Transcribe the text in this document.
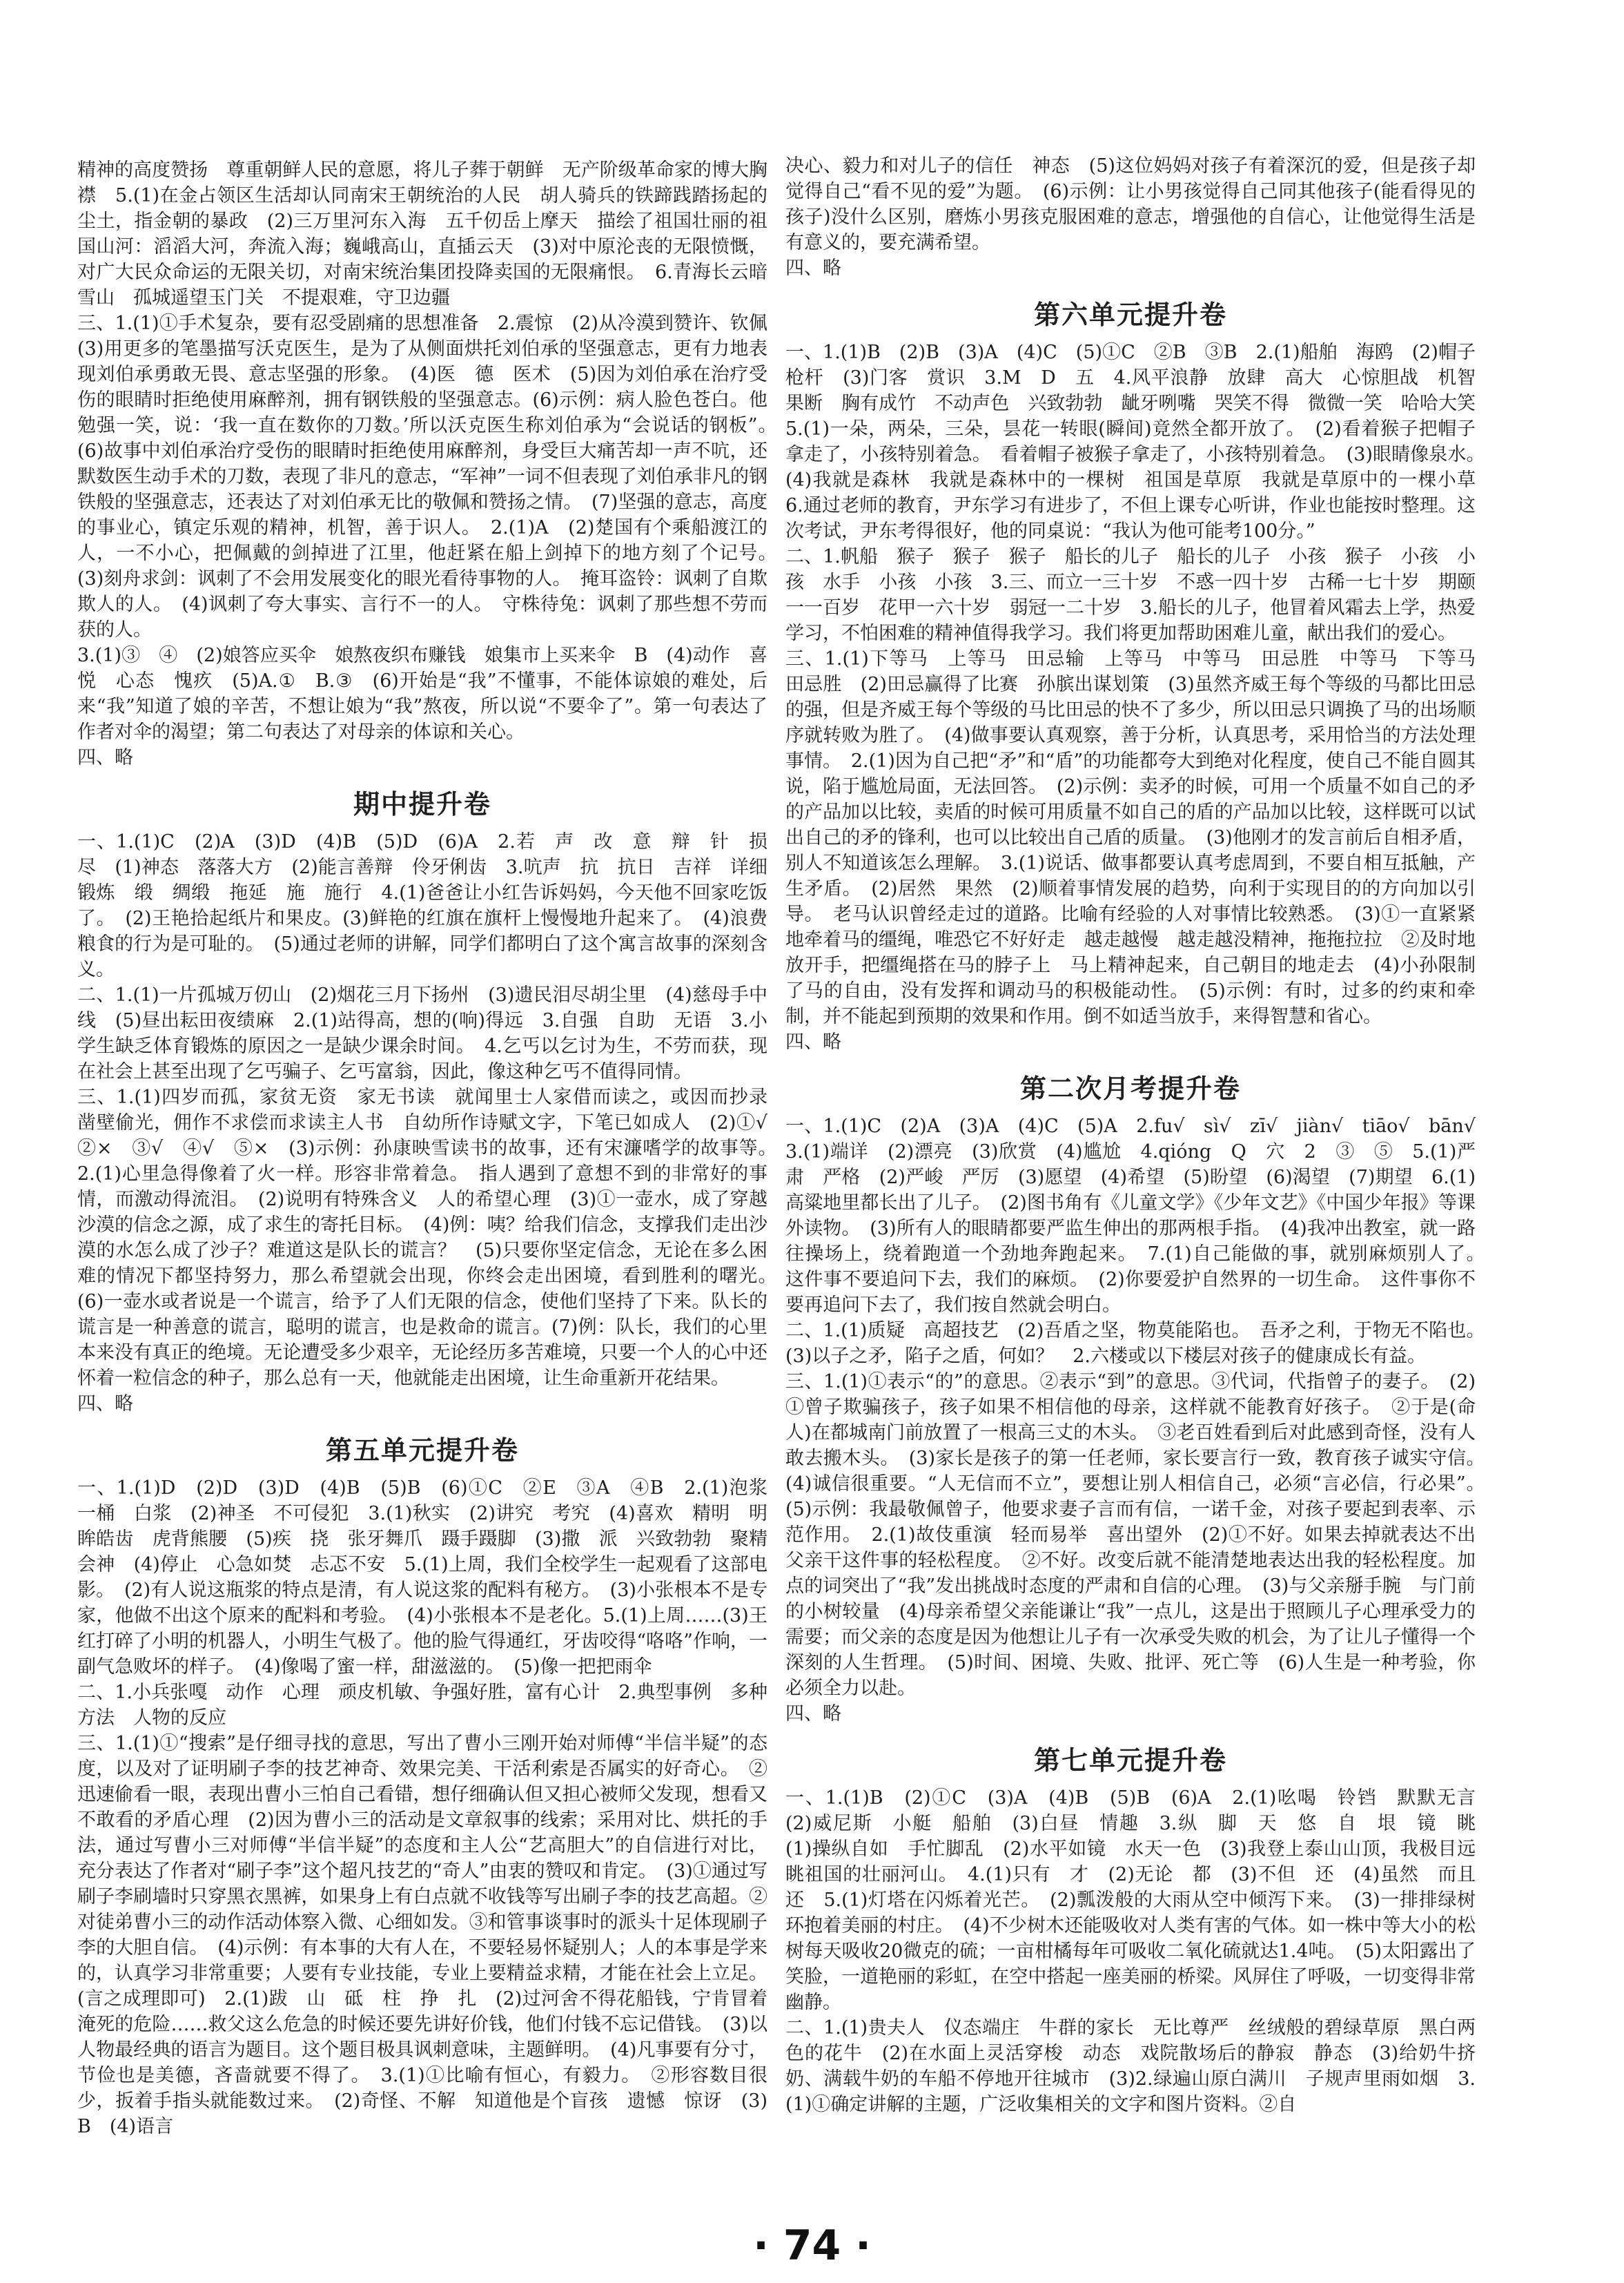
精神的高度赞扬　尊重朝鲜人民的意愿，将儿子葬于朝鲜　无产阶级革命家的博大胸襟　5.(1)在金占领区生活却认同南宋王朝统治的人民　胡人骑兵的铁蹄践踏扬起的尘土，指金朝的暴政　(2)三万里河东入海　五千仞岳上摩天　描绘了祖国壮丽的祖国山河：滔滔大河，奔流入海；巍峨高山，直插云天　(3)对中原沦丧的无限愤慨，对广大民众命运的无限关切，对南宋统治集团投降卖国的无限痛恨。　6.青海长云暗雪山　孤城遥望玉门关　不提艰难，守卫边疆

三、1.(1)①手术复杂，要有忍受剧痛的思想准备　2.震惊　(2)从冷漠到赞许、钦佩　(3)用更多的笔墨描写沃克医生，是为了从侧面烘托刘伯承的坚强意志，更有力地表现刘伯承勇敢无畏、意志坚强的形象。　(4)医　德　医术　(5)因为刘伯承在治疗受伤的眼睛时拒绝使用麻醉剂，拥有钢铁般的坚强意志。(6)示例：病人脸色苍白。他勉强一笑，说：‘我一直在数你的刀数。’所以沃克医生称刘伯承为“会说话的钢板”。　(6)故事中刘伯承治疗受伤的眼睛时拒绝使用麻醉剂，身受巨大痛苦却一声不吭，还默数医生动手术的刀数，表现了非凡的意志，“军神”一词不但表现了刘伯承非凡的钢铁般的坚强意志，还表达了对刘伯承无比的敬佩和赞扬之情。　(7)坚强的意志，高度的事业心，镇定乐观的精神，机智，善于识人。　2.(1)A　(2)楚国有个乘船渡江的人，一不小心，把佩戴的剑掉进了江里，他赶紧在船上剑掉下的地方刻了个记号。　(3)刻舟求剑：讽刺了不会用发展变化的眼光看待事物的人。　掩耳盗铃：讽刺了自欺欺人的人。　(4)讽刺了夸大事实、言行不一的人。　守株待兔：讽刺了那些想不劳而获的人。

3.(1)③　④　(2)娘答应买伞　娘熬夜织布赚钱　娘集市上买来伞　B　(4)动作　喜悦　心态　愧疚　(5)A.①　B.③　(6)开始是“我”不懂事，不能体谅娘的难处，后来“我”知道了娘的辛苦，不想让娘为“我”熬夜，所以说“不要伞了”。第一句表达了作者对伞的渴望；第二句表达了对母亲的体谅和关心。

四、略

期中提升卷

一、1.(1)C　(2)A　(3)D　(4)B　(5)D　(6)A　2.若　声　改　意　辩　针　损　尽　(1)神态　落落大方　(2)能言善辩　伶牙俐齿　3.吭声　抗　抗日　吉祥　详细　锻炼　缎　绸缎　拖延　施　施行　4.(1)爸爸让小红告诉妈妈，今天他不回家吃饭了。　(2)王艳拾起纸片和果皮。(3)鲜艳的红旗在旗杆上慢慢地升起来了。　(4)浪费粮食的行为是可耻的。　(5)通过老师的讲解，同学们都明白了这个寓言故事的深刻含义。

二、1.(1)一片孤城万仞山　(2)烟花三月下扬州　(3)遗民泪尽胡尘里　(4)慈母手中线　(5)昼出耘田夜绩麻　2.(1)站得高，想的(响)得远　3.自强　自助　无语　3.小学生缺乏体育锻炼的原因之一是缺少课余时间。　4.乞丐以乞讨为生，不劳而获，现在社会上甚至出现了乞丐骗子、乞丐富翁，因此，像这种乞丐不值得同情。

三、1.(1)四岁而孤，家贫无资　家无书读　就闻里士人家借而读之，或因而抄录　凿壁偷光，佣作不求偿而求读主人书　自幼所作诗赋文字，下笔已如成人　(2)①√　②×　③√　④√　⑤×　(3)示例：孙康映雪读书的故事，还有宋濂嗜学的故事等。　2.(1)心里急得像着了火一样。形容非常着急。　指人遇到了意想不到的非常好的事情，而激动得流泪。　(2)说明有特殊含义　人的希望心理　(3)①一壶水，成了穿越沙漠的信念之源，成了求生的寄托目标。　(4)例：咦？给我们信念，支撑我们走出沙漠的水怎么成了沙子？难道这是队长的谎言？　(5)只要你坚定信念，无论在多么困难的情况下都坚持努力，那么希望就会出现，你终会走出困境，看到胜利的曙光。　(6)一壶水或者说是一个谎言，给予了人们无限的信念，使他们坚持了下来。队长的谎言是一种善意的谎言，聪明的谎言，也是救命的谎言。(7)例：队长，我们的心里本来没有真正的绝境。无论遭受多少艰辛，无论经历多苦难境，只要一个人的心中还怀着一粒信念的种子，那么总有一天，他就能走出困境，让生命重新开花结果。

四、略

第五单元提升卷

一、1.(1)D　(2)D　(3)D　(4)B　(5)B　(6)①C　②E　③A　④B　2.(1)泡浆　一桶　白浆　(2)神圣　不可侵犯　3.(1)秋实　(2)讲究　考究　(4)喜欢　精明　明眸皓齿　虎背熊腰　(5)疾　挠　张牙舞爪　蹑手蹑脚　(3)撒　派　兴致勃勃　聚精会神　(4)停止　心急如焚　忐忑不安　5.(1)上周，我们全校学生一起观看了这部电影。　(2)有人说这瓶浆的特点是清，有人说这浆的配料有秘方。　(3)小张根本不是专家，他做不出这个原来的配料和考验。　(4)小张根本不是老化。5.(1)上周……(3)王红打碎了小明的机器人，小明生气极了。他的脸气得通红，牙齿咬得“咯咯”作响，一副气急败坏的样子。　(4)像喝了蜜一样，甜滋滋的。　(5)像一把把雨伞

二、1.小兵张嘎　动作　心理　顽皮机敏、争强好胜，富有心计　2.典型事例　多种方法　人物的反应

三、1.(1)①“搜索”是仔细寻找的意思，写出了曹小三刚开始对师傅“半信半疑”的态度，以及对了证明刷子李的技艺神奇、效果完美、干活利索是否属实的好奇心。　②迅速偷看一眼，表现出曹小三怕自己看错，想仔细确认但又担心被师父发现，想看又不敢看的矛盾心理　(2)因为曹小三的活动是文章叙事的线索；采用对比、烘托的手法，通过写曹小三对师傅“半信半疑”的态度和主人公“艺高胆大”的自信进行对比，充分表达了作者对“刷子李”这个超凡技艺的“奇人”由衷的赞叹和肯定。　(3)①通过写刷子李刷墙时只穿黑衣黑裤，如果身上有白点就不收钱等写出刷子李的技艺高超。②对徒弟曹小三的动作活动体察入微、心细如发。③和管事谈事时的派头十足体现刷子李的大胆自信。　(4)示例：有本事的大有人在，不要轻易怀疑别人；人的本事是学来的，认真学习非常重要；人要有专业技能，专业上要精益求精，才能在社会上立足。(言之成理即可)　2.(1)跋　山　砥　柱　挣　扎　(2)过河舍不得花船钱，宁肯冒着淹死的危险……救父这么危急的时候还要先讲好价钱，他们付钱不忘记借钱。　(3)以人物最经典的语言为题目。这个题目极具讽刺意味，主题鲜明。　(4)凡事要有分寸，节俭也是美德，吝啬就要不得了。　3.(1)①比喻有恒心，有毅力。　②形容数目很少，扳着手指头就能数过来。　(2)奇怪、不解　知道他是个盲孩　遗憾　惊讶　(3)B　(4)语言

决心、毅力和对儿子的信任　神态　(5)这位妈妈对孩子有着深沉的爱，但是孩子却觉得自己“看不见的爱”为题。　(6)示例：让小男孩觉得自己同其他孩子(能看得见的孩子)没什么区别，磨炼小男孩克服困难的意志，增强他的自信心，让他觉得生活是有意义的，要充满希望。

四、略

第六单元提升卷

一、1.(1)B　(2)B　(3)A　(4)C　(5)①C　②B　③B　2.(1)船舶　海鸥　(2)帽子　枪杆　(3)门客　赏识　3.M　D　五　4.风平浪静　放肆　高大　心惊胆战　机智果断　胸有成竹　不动声色　兴致勃勃　龇牙咧嘴　哭笑不得　微微一笑　哈哈大笑　5.(1)一朵，两朵，三朵，昙花一转眼(瞬间)竟然全都开放了。　(2)看着猴子把帽子拿走了，小孩特别着急。　看着帽子被猴子拿走了，小孩特别着急。　(3)眼睛像泉水。　(4)我就是森林　我就是森林中的一棵树　祖国是草原　我就是草原中的一棵小草　6.通过老师的教育，尹东学习有进步了，不但上课专心听讲，作业也能按时整理。这次考试，尹东考得很好，他的同桌说：“我认为他可能考100分。”

二、1.帆船　猴子　猴子　猴子　船长的儿子　船长的儿子　小孩　猴子　小孩　小孩　水手　小孩　小孩　3.三、而立一三十岁　不惑一四十岁　古稀一七十岁　期颐一一百岁　花甲一六十岁　弱冠一二十岁　3.船长的儿子，他冒着风霜去上学，热爱学习，不怕困难的精神值得我学习。我们将更加帮助困难儿童，献出我们的爱心。

三、1.(1)下等马　上等马　田忌输　上等马　中等马　田忌胜　中等马　下等马　田忌胜　(2)田忌赢得了比赛　孙膑出谋划策　(3)虽然齐威王每个等级的马都比田忌的强，但是齐威王每个等级的马比田忌的快不了多少，所以田忌只调换了马的出场顺序就转败为胜了。　(4)做事要认真观察，善于分析，认真思考，采用恰当的方法处理事情。　2.(1)因为自己把“矛”和“盾”的功能都夸大到绝对化程度，使自己不能自圆其说，陷于尴尬局面，无法回答。　(2)示例：卖矛的时候，可用一个质量不如自己的矛的产品加以比较，卖盾的时候可用质量不如自己的盾的产品加以比较，这样既可以试出自己的矛的锋利，也可以比较出自己盾的质量。　(3)他刚才的发言前后自相矛盾，别人不知道该怎么理解。　3.(1)说话、做事都要认真考虑周到，不要自相互抵触，产生矛盾。　(2)居然　果然　(2)顺着事情发展的趋势，向利于实现目的的方向加以引导。　老马认识曾经走过的道路。比喻有经验的人对事情比较熟悉。　(3)①一直紧紧地牵着马的缰绳，唯恐它不好好走　越走越慢　越走越没精神，拖拖拉拉　②及时地放开手，把缰绳搭在马的脖子上　马上精神起来，自己朝目的地走去　(4)小孙限制了马的自由，没有发挥和调动马的积极能动性。　(5)示例：有时，过多的约束和牵制，并不能起到预期的效果和作用。倒不如适当放手，来得智慧和省心。

四、略

第二次月考提升卷

一、1.(1)C　(2)A　(3)A　(4)C　(5)A　2.fu√　sì√　zī√　jiàn√　tiāo√　bān√　3.(1)端详　(2)漂亮　(3)欣赏　(4)尴尬　4.qióng　Q　穴　2　③　⑤　5.(1)严肃　严格　(2)严峻　严厉　(3)愿望　(4)希望　(5)盼望　(6)渴望　(7)期望　6.(1)高粱地里都长出了儿子。　(2)图书角有《儿童文学》《少年文艺》《中国少年报》等课外读物。　(3)所有人的眼睛都要严监生伸出的那两根手指。　(4)我冲出教室，就一路往操场上，绕着跑道一个劲地奔跑起来。　7.(1)自己能做的事，就别麻烦别人了。　这件事不要追问下去，我们的麻烦。　(2)你要爱护自然界的一切生命。　这件事你不要再追问下去了，我们按自然就会明白。

二、1.(1)质疑　高超技艺　(2)吾盾之坚，物莫能陷也。　吾矛之利，于物无不陷也。　(3)以子之矛，陷子之盾，何如？　2.六楼或以下楼层对孩子的健康成长有益。

三、1.(1)①表示“的”的意思。②表示“到”的意思。③代词，代指曾子的妻子。　(2)①曾子欺骗孩子，孩子如果不相信他的母亲，这样就不能教育好孩子。　②于是(命人)在都城南门前放置了一根高三丈的木头。　③老百姓看到后对此感到奇怪，没有人敢去搬木头。　(3)家长是孩子的第一任老师，家长要言行一致，教育孩子诚实守信。　(4)诚信很重要。“人无信而不立”，要想让别人相信自己，必须“言必信，行必果”。　(5)示例：我最敬佩曾子，他要求妻子言而有信，一诺千金，对孩子要起到表率、示范作用。　2.(1)故伎重演　轻而易举　喜出望外　(2)①不好。如果去掉就表达不出父亲干这件事的轻松程度。　②不好。改变后就不能清楚地表达出我的轻松程度。加点的词突出了“我”发出挑战时态度的严肃和自信的心理。　(3)与父亲掰手腕　与门前的小树较量　(4)母亲希望父亲能谦让“我”一点儿，这是出于照顾儿子心理承受力的需要；而父亲的态度是因为他想让儿子有一次承受失败的机会，为了让儿子懂得一个深刻的人生哲理。　(5)时间、困境、失败、批评、死亡等　(6)人生是一种考验，你必须全力以赴。

四、略

第七单元提升卷

一、1.(1)B　(2)①C　(3)A　(4)B　(5)B　(6)A　2.(1)吆喝　铃铛　默默无言　(2)威尼斯　小艇　船舶　(3)白昼　情趣　3.纵　脚　天　悠　自　垠　镜　眺　(1)操纵自如　手忙脚乱　(2)水平如镜　水天一色　(3)我登上泰山山顶，我极目远眺祖国的壮丽河山。　4.(1)只有　才　(2)无论　都　(3)不但　还　(4)虽然　而且　还　5.(1)灯塔在闪烁着光芒。　(2)瓢泼般的大雨从空中倾泻下来。　(3)一排排绿树环抱着美丽的村庄。　(4)不少树木还能吸收对人类有害的气体。如一株中等大小的松树每天吸收20微克的硫；一亩柑橘每年可吸收二氧化硫就达1.4吨。　(5)太阳露出了笑脸，一道艳丽的彩虹，在空中搭起一座美丽的桥梁。风屏住了呼吸，一切变得非常幽静。

二、1.(1)贵夫人　仪态端庄　牛群的家长　无比尊严　丝绒般的碧绿草原　黑白两色的花牛　(2)在水面上灵活穿梭　动态　戏院散场后的静寂　静态　(3)给奶牛挤奶、满载牛奶的车船不停地开往城市　(3)2.绿遍山原白满川　子规声里雨如烟　3.(1)①确定讲解的主题，广泛收集相关的文字和图片资料。②自

· 74 ·
